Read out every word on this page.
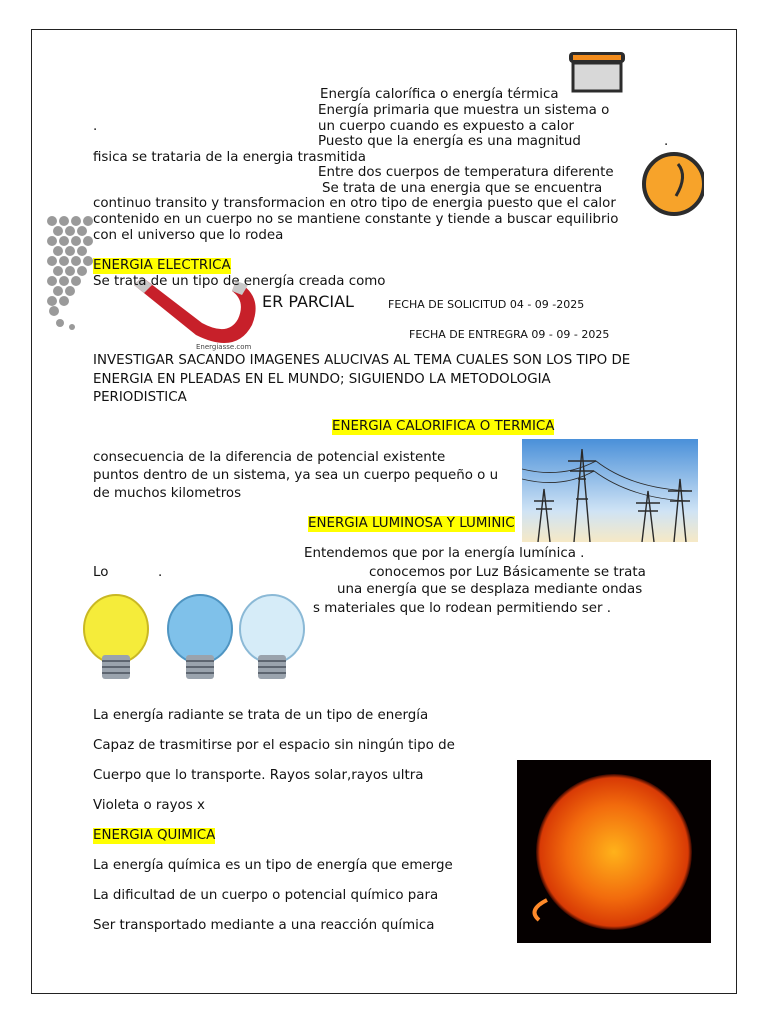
Energiasse.com
Energía calorífica o energía térmica
Energía primaria que muestra un sistema o
.	un cuerpo cuando es expuesto a calor
Puesto que la energía es una magnitud	.
fisica se trataria de la energia trasmitida
Entre dos cuerpos de temperatura diferente
Se trata de una energia que se encuentra
continuo transito y transformacion en otro tipo de energia puesto que el calor
contenido en un cuerpo no se mantiene constante y tiende a buscar equilibrio
con el universo que lo rodea
ENERGIA ELECTRICA
Se trata de un tipo de energía creada como
ER PARCIAL	FECHA DE SOLICITUD 04 - 09 -2025
FECHA DE ENTREGRA 09 - 09 - 2025
INVESTIGAR SACANDO IMAGENES ALUCIVAS AL TEMA CUALES SON LOS TIPO DE
ENERGIA EN PLEADAS EN EL MUNDO; SIGUIENDO LA METODOLOGIA
PERIODISTICA
ENERGIA CALORIFICA O TERMICA
consecuencia de la diferencia de potencial existente
puntos dentro de un sistema, ya sea un cuerpo pequeño o u
de muchos kilometros
ENERGIA LUMINOSA Y LUMINIC
Entendemos que por la energía lumínica .
Lo	.	conocemos por Luz Básicamente se trata
una energía que se desplaza mediante ondas
s materiales que lo rodean permitiendo ser .
La energía radiante se trata de un tipo de energía
Capaz de trasmitirse por el espacio sin ningún tipo de
Cuerpo que lo transporte. Rayos solar,rayos ultra
Violeta o rayos x
ENERGIA QUIMICA
La energía química es un tipo de energía que emerge
La dificultad de un cuerpo o potencial químico para
Ser transportado mediante a una reacción química
